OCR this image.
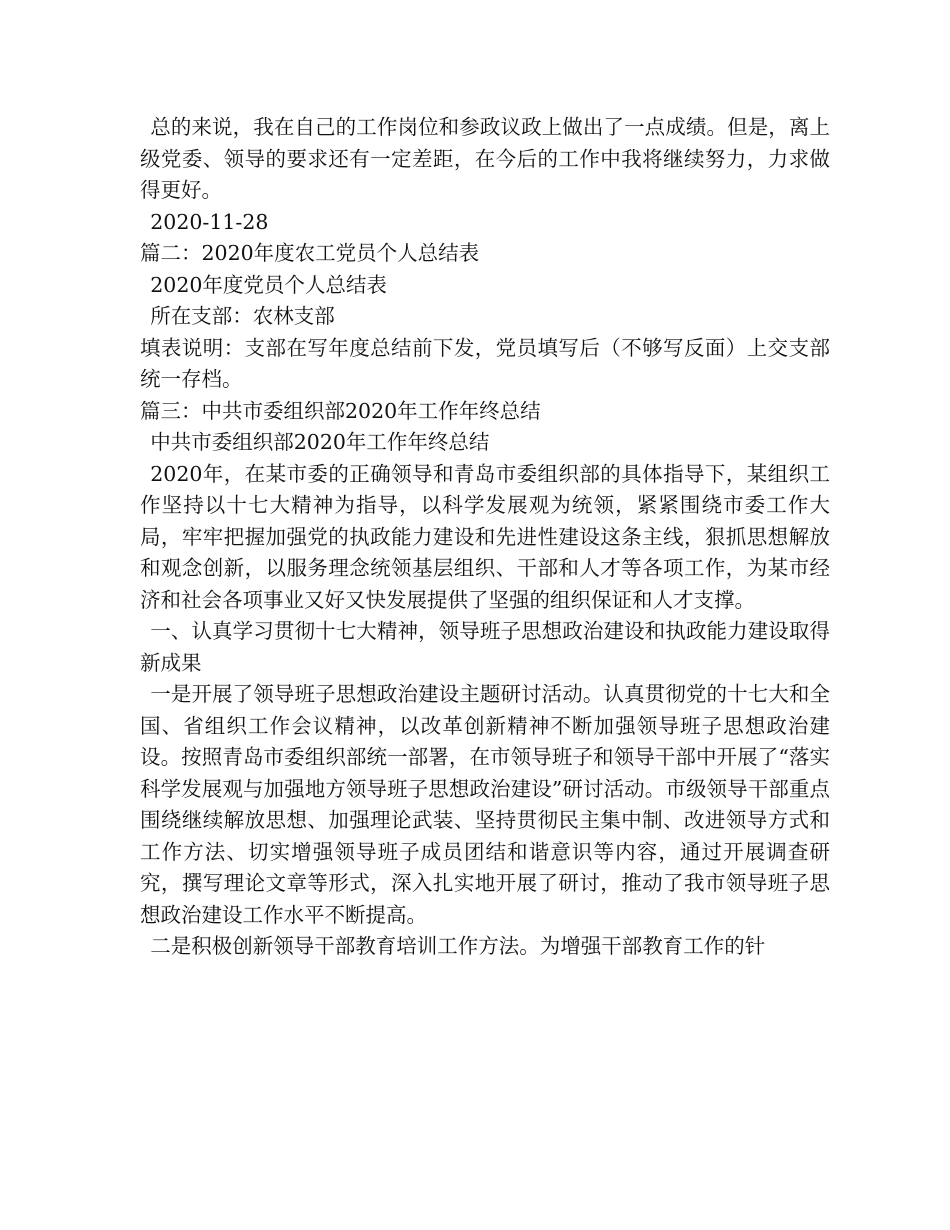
总的来说，我在自己的工作岗位和参政议政上做出了一点成绩。但是，离上级党委、领导的要求还有一定差距，在今后的工作中我将继续努力，力求做得更好。

2020-11-28

篇二：2020年度农工党员个人总结表

2020年度党员个人总结表

所在支部：农林支部

填表说明：支部在写年度总结前下发，党员填写后（不够写反面）上交支部统一存档。

篇三：中共市委组织部2020年工作年终总结

中共市委组织部2020年工作年终总结

2020年，在某市委的正确领导和青岛市委组织部的具体指导下，某组织工作坚持以十七大精神为指导，以科学发展观为统领，紧紧围绕市委工作大局，牢牢把握加强党的执政能力建设和先进性建设这条主线，狠抓思想解放和观念创新，以服务理念统领基层组织、干部和人才等各项工作，为某市经济和社会各项事业又好又快发展提供了坚强的组织保证和人才支撑。

一、认真学习贯彻十七大精神，领导班子思想政治建设和执政能力建设取得新成果

一是开展了领导班子思想政治建设主题研讨活动。认真贯彻党的十七大和全国、省组织工作会议精神，以改革创新精神不断加强领导班子思想政治建设。按照青岛市委组织部统一部署，在市领导班子和领导干部中开展了“落实科学发展观与加强地方领导班子思想政治建设”研讨活动。市级领导干部重点围绕继续解放思想、加强理论武装、坚持贯彻民主集中制、改进领导方式和工作方法、切实增强领导班子成员团结和谐意识等内容，通过开展调查研究，撰写理论文章等形式，深入扎实地开展了研讨，推动了我市领导班子思想政治建设工作水平不断提高。

二是积极创新领导干部教育培训工作方法。为增强干部教育工作的针
